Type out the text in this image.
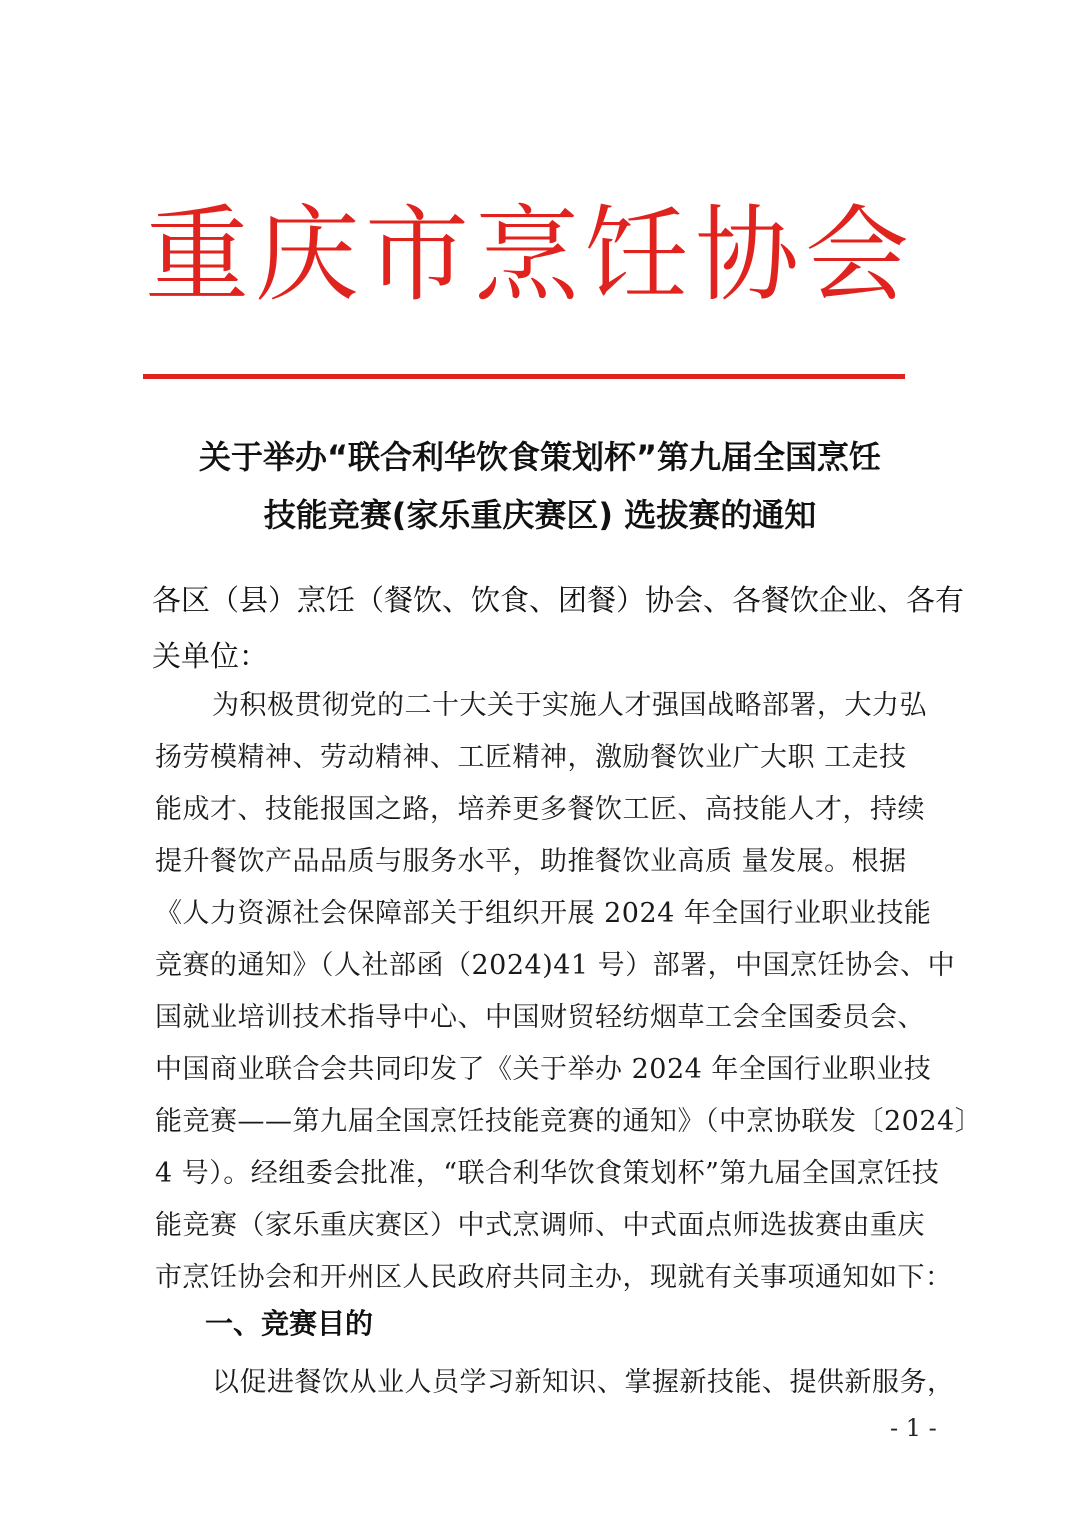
重庆市烹饪协会
关于举办“联合利华饮食策划杯”第九届全国烹饪
技能竞赛(家乐重庆赛区) 选拔赛的通知
各区（县）烹饪（餐饮、饮食、团餐）协会、各餐饮企业、各有
关单位：
为积极贯彻党的二十大关于实施人才强国战略部署，大力弘
扬劳模精神、劳动精神、工匠精神，激励餐饮业广大职 工走技
能成才、技能报国之路，培养更多餐饮工匠、高技能人才，持续
提升餐饮产品品质与服务水平，助推餐饮业高质 量发展。根据
《人力资源社会保障部关于组织开展 2024 年全国行业职业技能
竞赛的通知》（人社部函（2024)41 号）部署，中国烹饪协会、中
国就业培训技术指导中心、中国财贸轻纺烟草工会全国委员会、
中国商业联合会共同印发了《关于举办 2024 年全国行业职业技
能竞赛——第九届全国烹饪技能竞赛的通知》（中烹协联发〔2024〕
4 号）。经组委会批准，“联合利华饮食策划杯”第九届全国烹饪技
能竞赛（家乐重庆赛区）中式烹调师、中式面点师选拔赛由重庆
市烹饪协会和开州区人民政府共同主办，现就有关事项通知如下：
一、竞赛目的
以促进餐饮从业人员学习新知识、掌握新技能、提供新服务，
- 1 -
